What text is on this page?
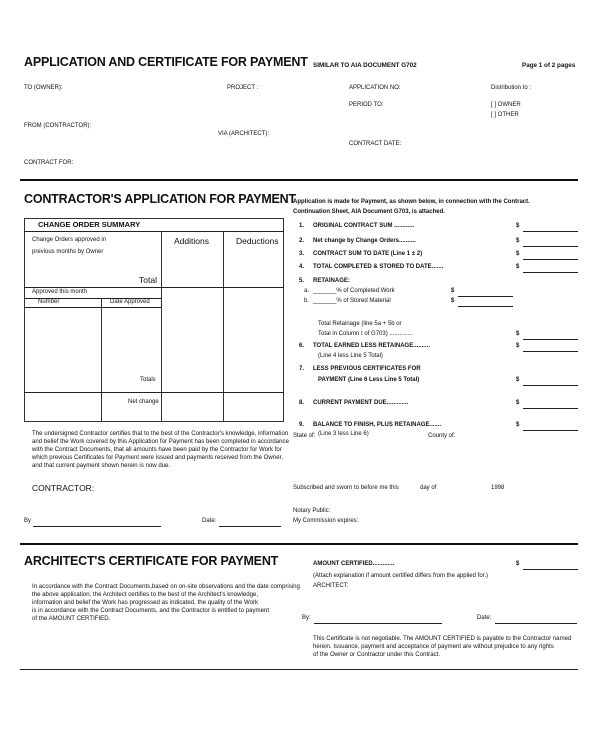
APPLICATION AND CERTIFICATE FOR PAYMENT SIMILAR TO AIA DOCUMENT G702	Page 1 of 2 pages
TO (OWNER):	PROJECT :	APPLICATION NO:	Distribution to :
PERIOD TO:	[ ] OWNER
[ ] OTHER
FROM (CONTRACTOR):
VIA (ARCHITECT):
CONTRACT DATE:
CONTRACT FOR:
CONTRACTOR'S APPLICATION FOR PAYMENT
Application is made for Payment, as shown below, in connection with the Contract.
Continuation Sheet, AIA Document G703, is attached.
CHANGE ORDER SUMMARY
Additions	Deductions
Change Orders approved in
previous months by Owner
Total
Approved this month
Number	Date Approved
Totals
Net change
1. ORIGINAL CONTRACT SUM ............	$
2. Net change by Change Orders..........	$
3. CONTRACT SUM TO DATE (Line 1 ± 2)	$
4. TOTAL COMPLETED & STORED TO DATE.......	$
5. RETAINAGE:
a. _______% of Completed Work	$
b. _______% of Stored Material	$
Total Retainage (line 5a + 5b or
Total in Column I of G703) ..............	$
6. TOTAL EARNED LESS RETAINAGE..........	$
(Line 4 less Line 5 Total)
7. LESS PREVIOUS CERTIFICATES FOR
PAYMENT (Line 6 Less Line 5 Total)	$
8. CURRENT PAYMENT DUE.............	$
9. BALANCE TO FINISH, PLUS RETAINAGE.......	$
(Line 3 less Line 6)
The undersigned Contractor certifies that to the best of the Contractor's knowledge, information
and belief the Work covered by this Application for Payment has been completed in accordance
with the Contract Documents, that all amounts have been paid by the Contractor for Work for
which previous Certificates for Payment were issued and payments received from the Owner,
and that current payment shown herein is now due.
CONTRACTOR:
By	Date:
State of:	County of:
Subscribed and sworn to before me this	day of	1998
Notary Public:
My Commission expires:
ARCHITECT'S CERTIFICATE FOR PAYMENT
In accordance with the Contract Documents,based on on-site observations and the date comprising
the above application, the Architect certifies to the best of the Architect's knowledge,
information and belief the Work has progressed as indicated, the quality of the Work
is in accordance with the Contract Documents, and the Contractor is entitled to payment
of the AMOUNT CERTIFIED.
AMOUNT CERTIFIED.............	$
(Attach explanation if amount certified differs from the applied for.)
ARCHITECT:
By:	Date:
This Certificate is not negotiable. The AMOUNT CERTIFIED is payable to the Contractor named
herein. Issuance, payment and acceptance of payment are without prejudice to any rights
of the Owner or Contractor under this Contract.
